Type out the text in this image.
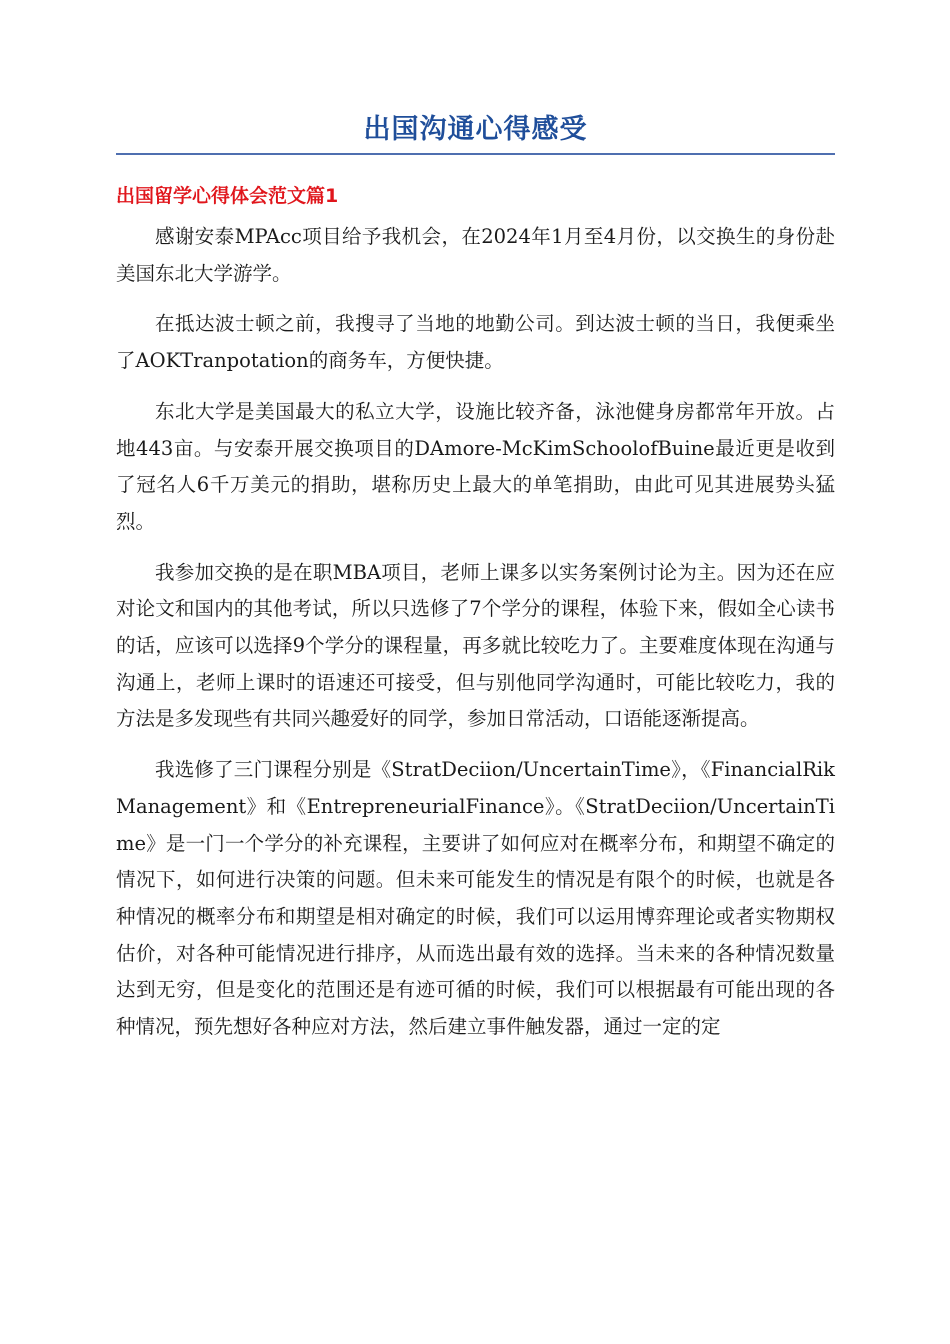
出国沟通心得感受
出国留学心得体会范文篇1

感谢安泰MPAcc项目给予我机会，在2024年1月至4月份，以交换生的身份赴美国东北大学游学。

在抵达波士顿之前，我搜寻了当地的地勤公司。到达波士顿的当日，我便乘坐了AOKTranpotation的商务车，方便快捷。

东北大学是美国最大的私立大学，设施比较齐备，泳池健身房都常年开放。占地443亩。与安泰开展交换项目的DAmore-McKimSchoolofBuine最近更是收到了冠名人6千万美元的捐助，堪称历史上最大的单笔捐助，由此可见其进展势头猛烈。

我参加交换的是在职MBA项目，老师上课多以实务案例讨论为主。因为还在应对论文和国内的其他考试，所以只选修了7个学分的课程，体验下来，假如全心读书的话，应该可以选择9个学分的课程量，再多就比较吃力了。主要难度体现在沟通与沟通上，老师上课时的语速还可接受，但与别他同学沟通时，可能比较吃力，我的方法是多发现些有共同兴趣爱好的同学，参加日常活动，口语能逐渐提高。

我选修了三门课程分别是《StratDeciion/UncertainTime》，《FinancialRikManagement》和《EntrepreneurialFinance》。《StratDeciion/UncertainTime》是一门一个学分的补充课程，主要讲了如何应对在概率分布，和期望不确定的情况下，如何进行决策的问题。但未来可能发生的情况是有限个的时候，也就是各种情况的概率分布和期望是相对确定的时候，我们可以运用博弈理论或者实物期权估价，对各种可能情况进行排序，从而选出最有效的选择。当未来的各种情况数量达到无穷，但是变化的范围还是有迹可循的时候，我们可以根据最有可能出现的各种情况，预先想好各种应对方法，然后建立事件触发器，通过一定的定
